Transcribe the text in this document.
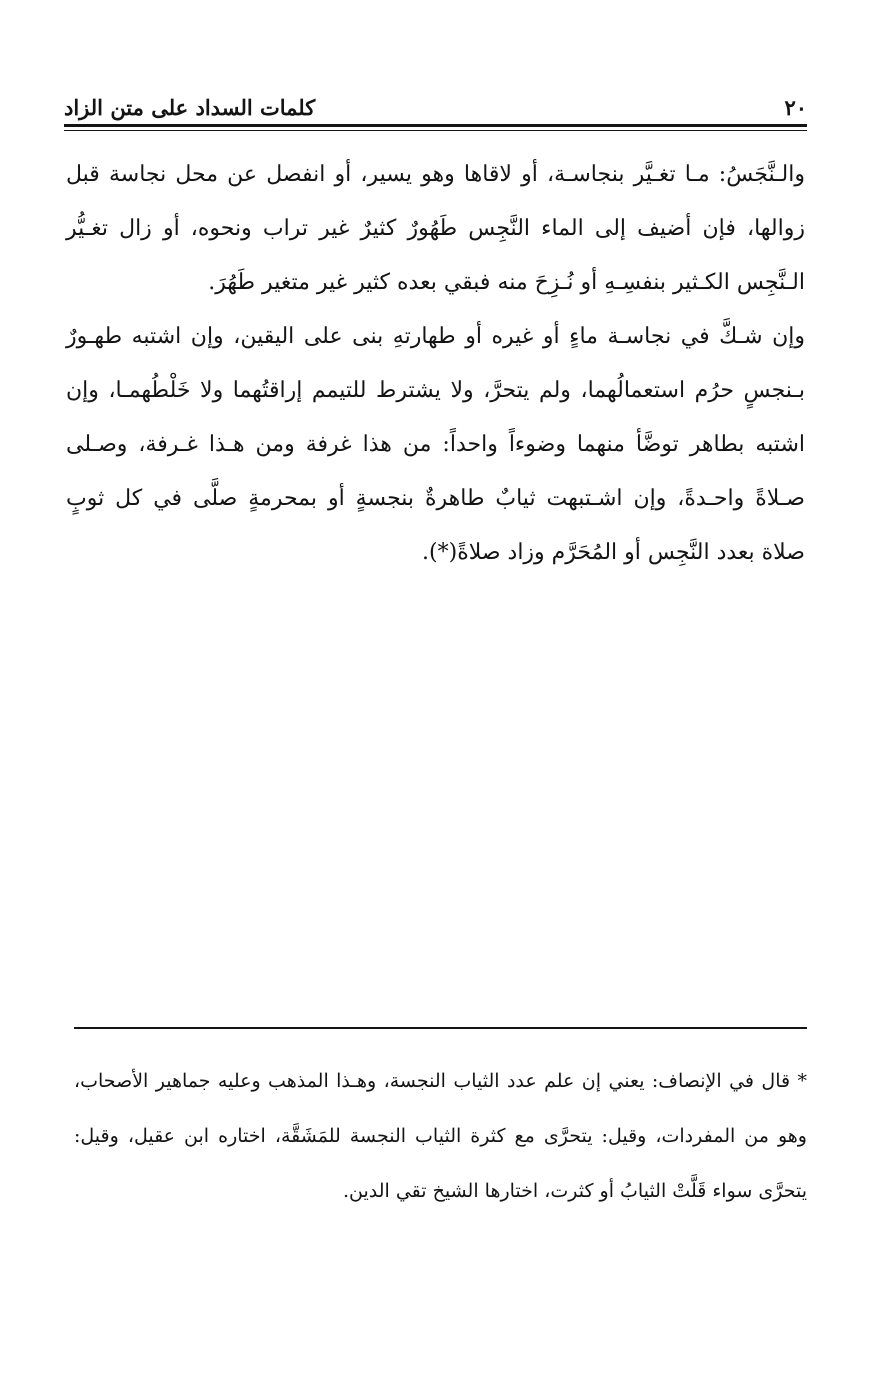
٢٠
كلمات السداد على متن الزاد

والـنَّجَسُ: مـا تغـيَّر بنجاسـة، أو لاقاها وهو يسير، أو انفصل عن محل نجاسة قبل زوالها، فإن أضيف إلى الماء النَّجِس طَهُورٌ كثيرٌ غير تراب ونحوه، أو زال تغـيُّر الـنَّجِس الكـثير بنفسِـهِ أو نُـزِحَ منه فبقي بعده كثير غير متغير طَهُرَ.

وإن شـكَّ في نجاسـة ماءٍ أو غيره أو طهارتهِ بنى على اليقين، وإن اشتبه طهـورٌ بـنجسٍ حرُم استعمالُهما، ولم يتحرَّ، ولا يشترط للتيمم إراقتُهما ولا خَلْطُهمـا، وإن اشتبه بطاهر توضَّأ منهما وضوءاً واحداً: من هذا غرفة ومن هـذا غـرفة، وصـلى صـلاةً واحـدةً، وإن اشـتبهت ثيابٌ طاهرةٌ بنجسةٍ أو بمحرمةٍ صلَّى في كل ثوبٍ صلاة بعدد النَّجِس أو المُحَرَّم وزاد صلاةً(*).

* قال في الإنصاف: يعني إن علم عدد الثياب النجسة، وهـذا المذهب وعليه جماهير الأصحاب، وهو من المفردات، وقيل: يتحرَّى مع كثرة الثياب النجسة للمَشَقَّة، اختاره ابن عقيل، وقيل: يتحرَّى سواء قَلَّتْ الثيابُ أو كثرت، اختارها الشيخ تقي الدين.
